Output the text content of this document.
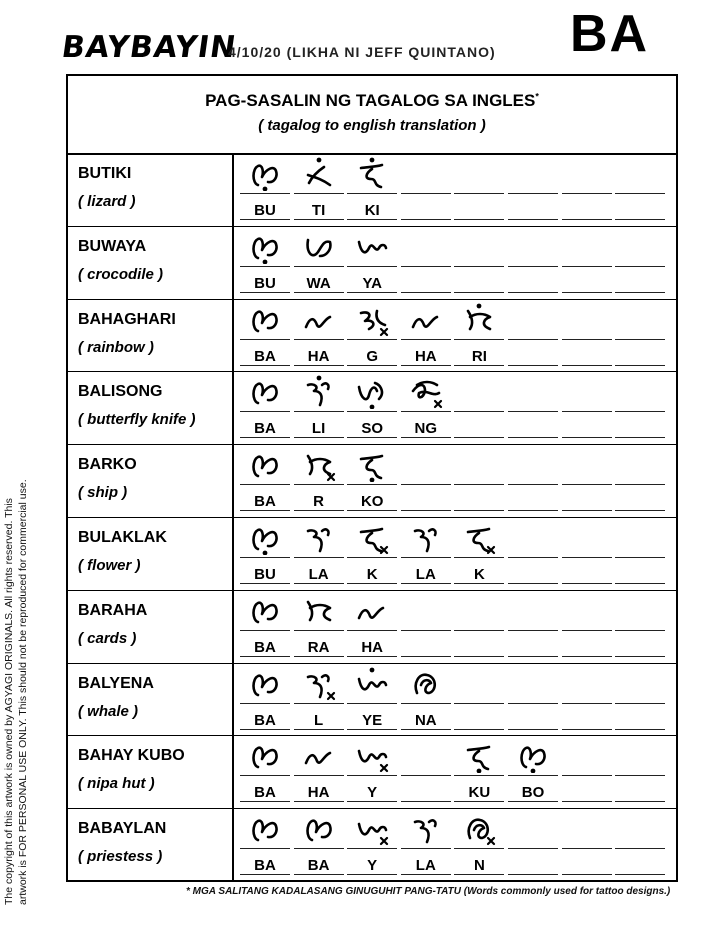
BAYBAYIN
4/10/20 (LIKHA NI JEFF QUINTANO) BA
The copyright of this artwork is owned by AGYAGI ORIGINALS. All rights reserved. This artwork is FOR PERSONAL USE ONLY. This should not be reproduced for commercial use.
PAG-SASALIN NG TAGALOG SA INGLES*
( tagalog to english translation )
BUTIKI
( lizard )
BU	TI	KI
BUWAYA
( crocodile )
BU	WA	YA
BAHAGHARI
( rainbow )
BA	HA	G	HA	RI
BALISONG
( butterfly knife )
BA	LI	SO	NG
BARKO
( ship )
BA	R	KO
BULAKLAK
( flower )
BU	LA	K	LA	K
BARAHA
( cards )
BA	RA	HA
BALYENA
( whale )
BA	L	YE	NA
BAHAY KUBO
( nipa hut )
BA	HA	Y	KU	BO
BABAYLAN
( priestess )
BA	BA	Y	LA	N
* MGA SALITANG KADALASANG GINUGUHIT PANG-TATU (Words commonly used for tattoo designs.)
